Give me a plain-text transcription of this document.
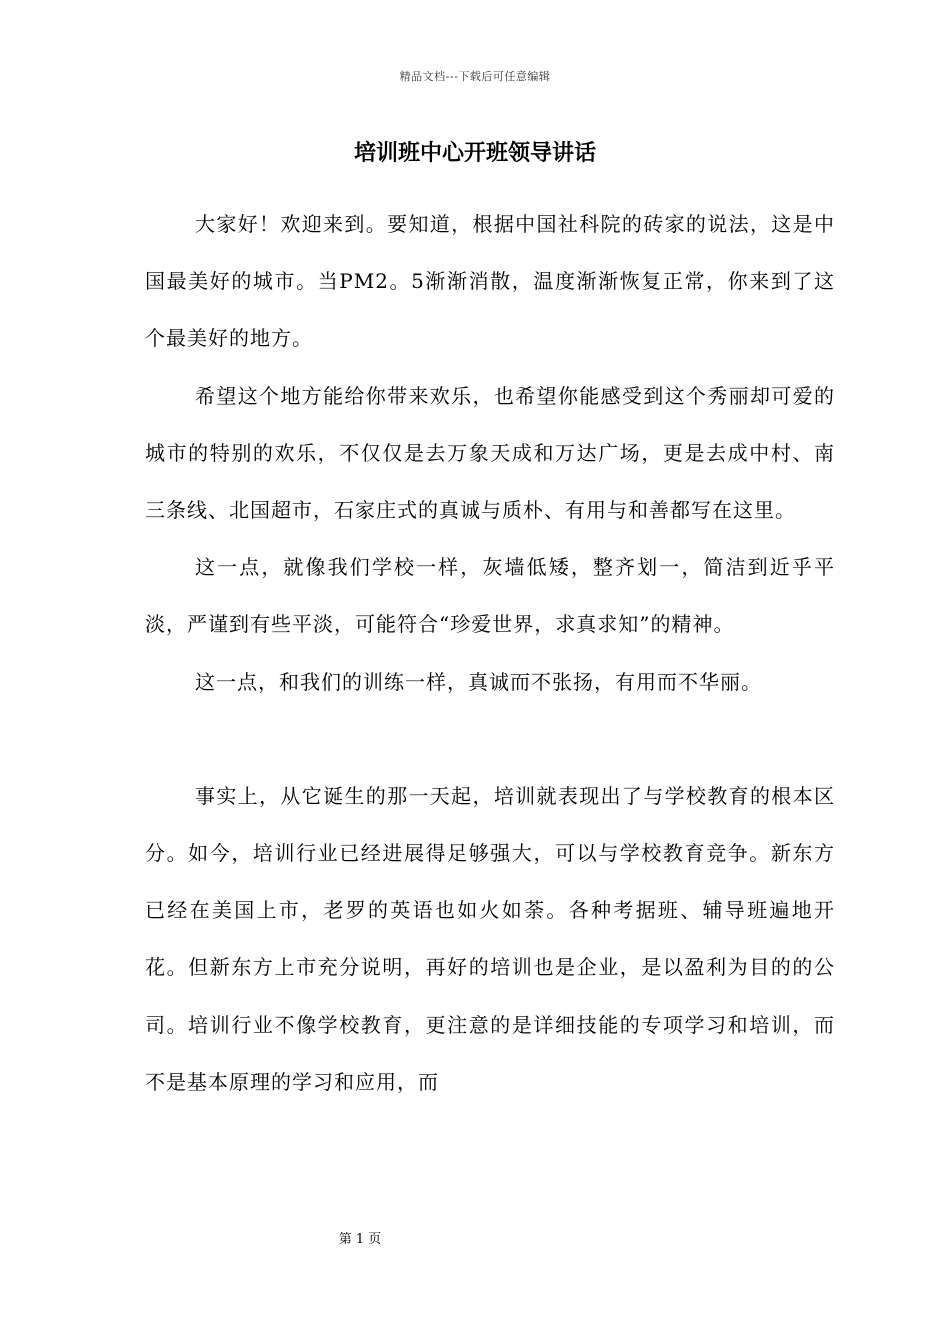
精品文档---下载后可任意编辑
培训班中心开班领导讲话

大家好！欢迎来到。要知道，根据中国社科院的砖家的说法，这是中国最美好的城市。当PM2。5渐渐消散，温度渐渐恢复正常，你来到了这个最美好的地方。

希望这个地方能给你带来欢乐，也希望你能感受到这个秀丽却可爱的城市的特别的欢乐，不仅仅是去万象天成和万达广场，更是去成中村、南三条线、北国超市，石家庄式的真诚与质朴、有用与和善都写在这里。

这一点，就像我们学校一样，灰墙低矮，整齐划一，简洁到近乎平淡，严谨到有些平淡，可能符合“珍爱世界，求真求知”的精神。

这一点，和我们的训练一样，真诚而不张扬，有用而不华丽。

事实上，从它诞生的那一天起，培训就表现出了与学校教育的根本区分。如今，培训行业已经进展得足够强大，可以与学校教育竞争。新东方已经在美国上市，老罗的英语也如火如荼。各种考据班、辅导班遍地开花。但新东方上市充分说明，再好的培训也是企业，是以盈利为目的的公司。培训行业不像学校教育，更注意的是详细技能的专项学习和培训，而不是基本原理的学习和应用，而

第 1 页
